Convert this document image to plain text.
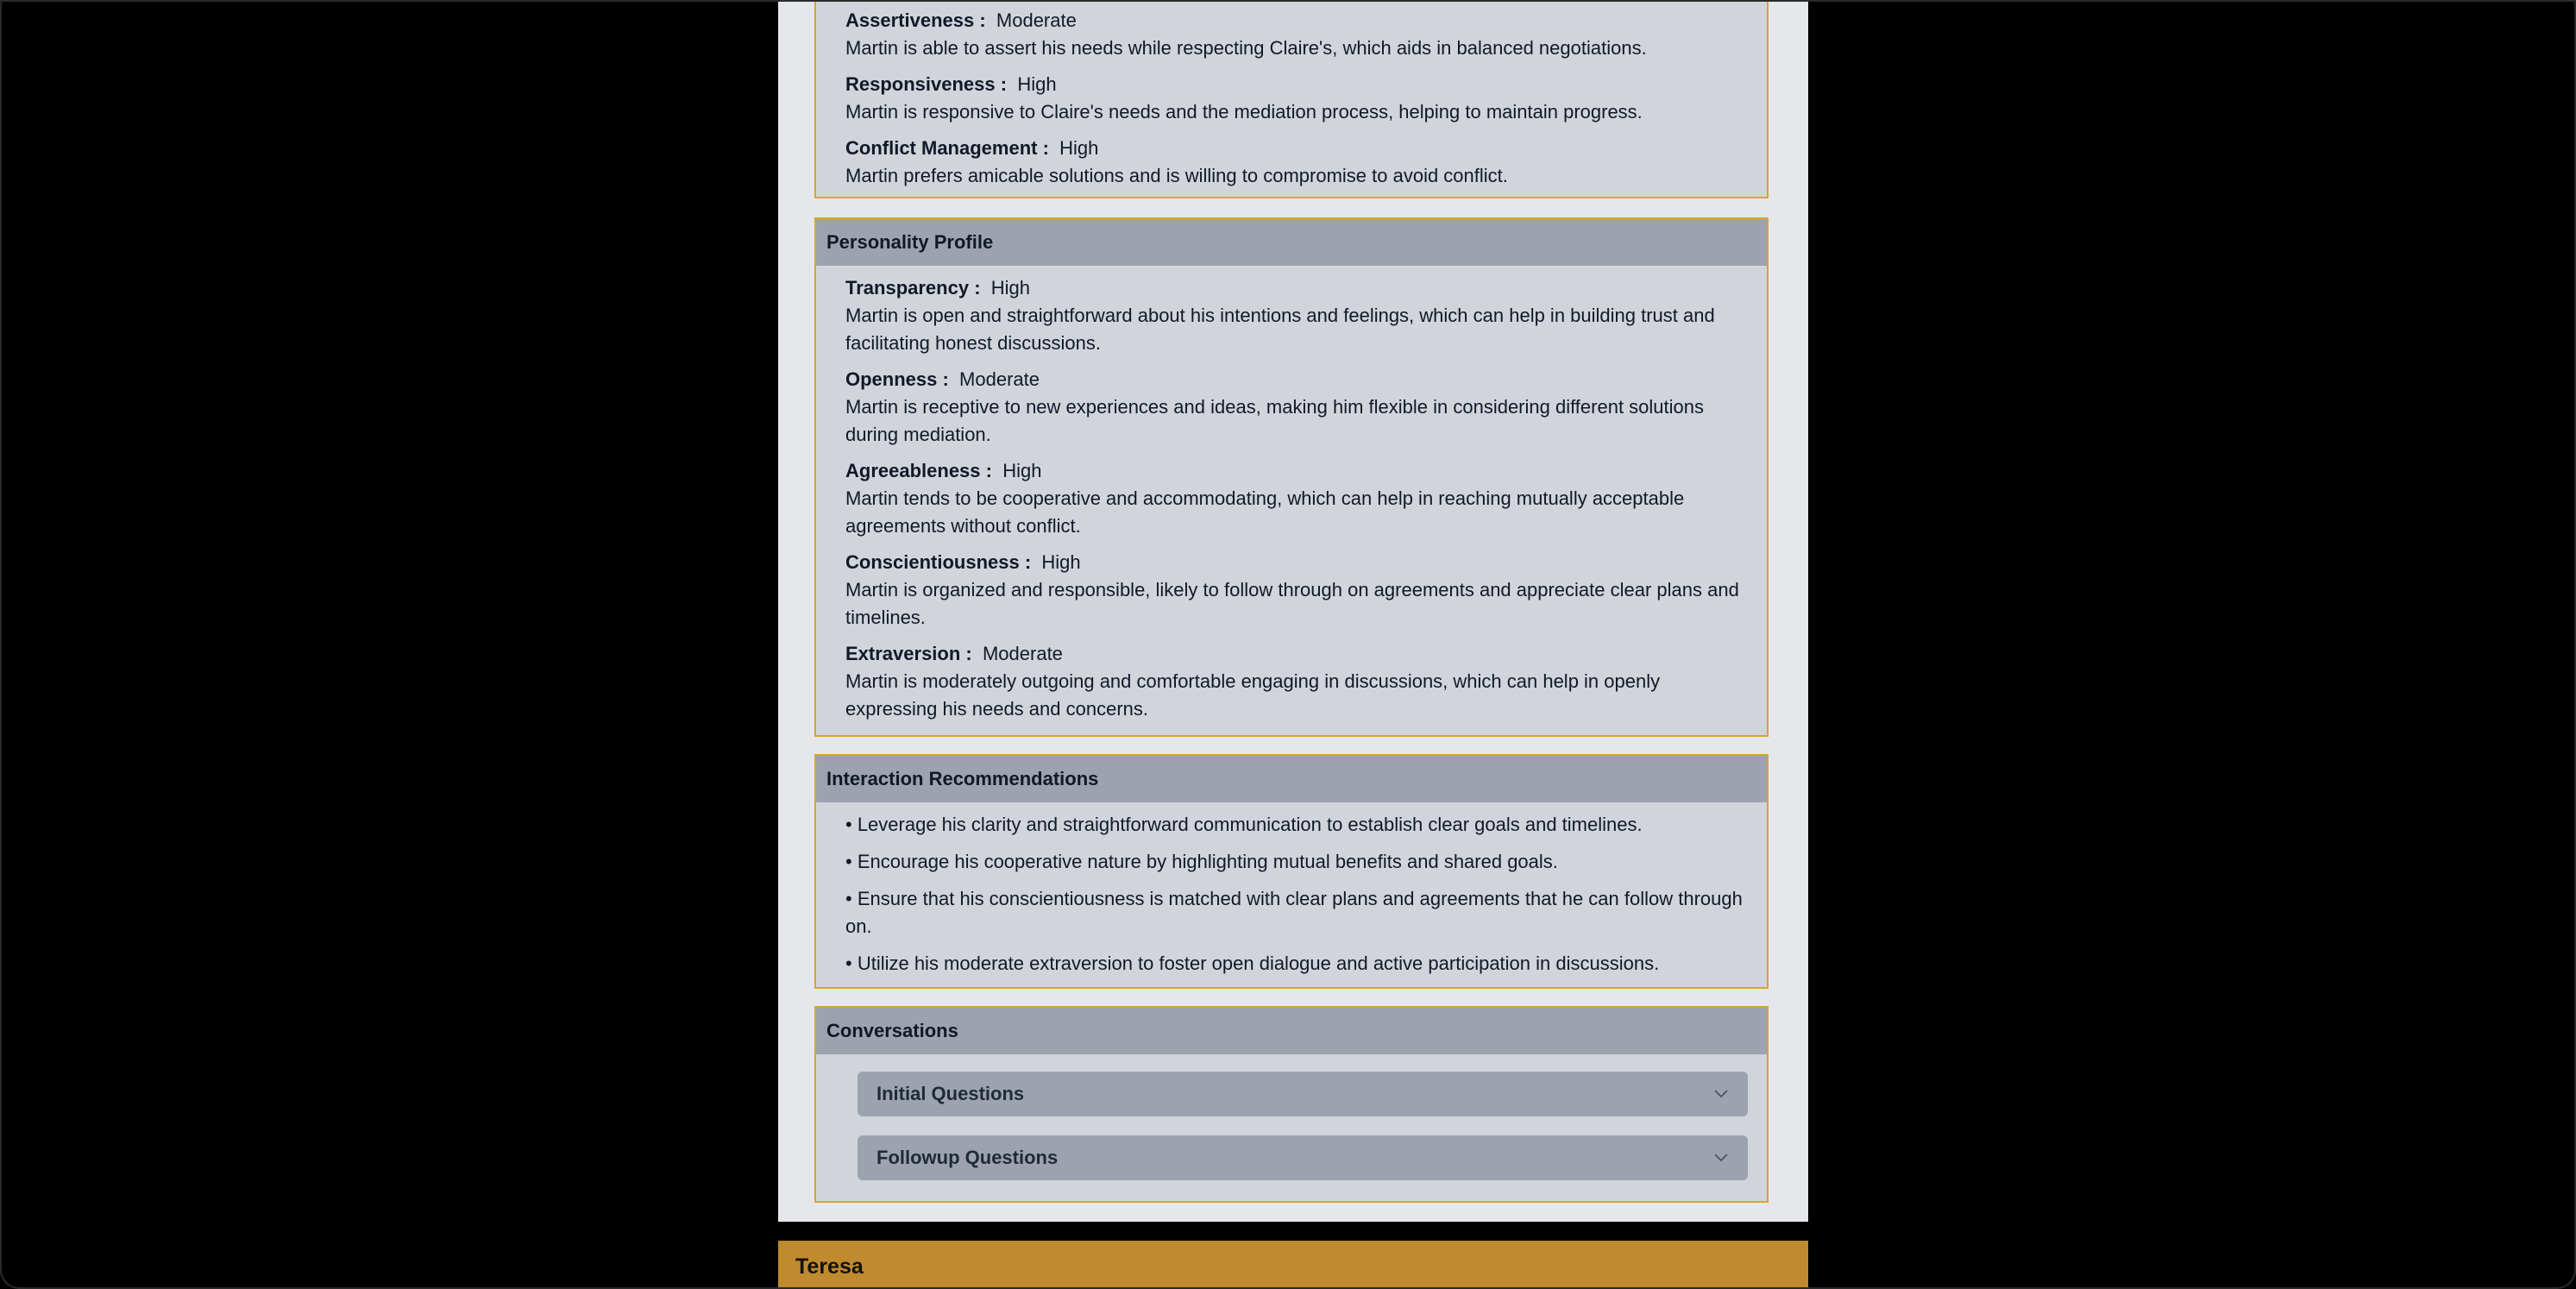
Assertiveness : Moderate
Martin is able to assert his needs while respecting Claire's, which aids in balanced negotiations.
Responsiveness : High
Martin is responsive to Claire's needs and the mediation process, helping to maintain progress.
Conflict Management : High
Martin prefers amicable solutions and is willing to compromise to avoid conflict.
Personality Profile
Transparency : High
Martin is open and straightforward about his intentions and feelings, which can help in building trust and facilitating honest discussions.
Openness : Moderate
Martin is receptive to new experiences and ideas, making him flexible in considering different solutions during mediation.
Agreeableness : High
Martin tends to be cooperative and accommodating, which can help in reaching mutually acceptable agreements without conflict.
Conscientiousness : High
Martin is organized and responsible, likely to follow through on agreements and appreciate clear plans and timelines.
Extraversion : Moderate
Martin is moderately outgoing and comfortable engaging in discussions, which can help in openly expressing his needs and concerns.
Interaction Recommendations
• Leverage his clarity and straightforward communication to establish clear goals and timelines.
• Encourage his cooperative nature by highlighting mutual benefits and shared goals.
• Ensure that his conscientiousness is matched with clear plans and agreements that he can follow through on.
• Utilize his moderate extraversion to foster open dialogue and active participation in discussions.
Conversations
Initial Questions
Followup Questions
Teresa
